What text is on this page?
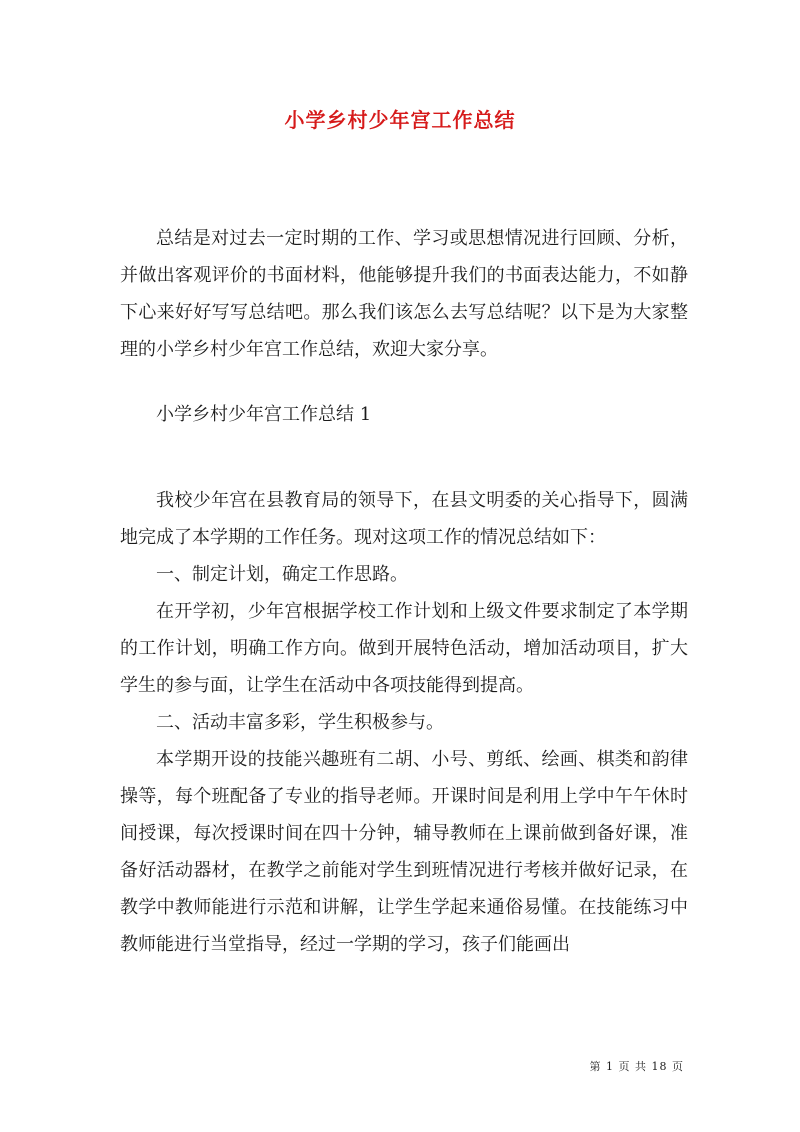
小学乡村少年宫工作总结

总结是对过去一定时期的工作、学习或思想情况进行回顾、分析，并做出客观评价的书面材料，他能够提升我们的书面表达能力，不如静下心来好好写写总结吧。那么我们该怎么去写总结呢？以下是为大家整理的小学乡村少年宫工作总结，欢迎大家分享。

小学乡村少年宫工作总结 1

我校少年宫在县教育局的领导下，在县文明委的关心指导下，圆满地完成了本学期的工作任务。现对这项工作的情况总结如下：

一、制定计划，确定工作思路。

在开学初，少年宫根据学校工作计划和上级文件要求制定了本学期的工作计划，明确工作方向。做到开展特色活动，增加活动项目，扩大学生的参与面，让学生在活动中各项技能得到提高。

二、活动丰富多彩，学生积极参与。

本学期开设的技能兴趣班有二胡、小号、剪纸、绘画、棋类和韵律操等，每个班配备了专业的指导老师。开课时间是利用上学中午午休时间授课，每次授课时间在四十分钟，辅导教师在上课前做到备好课，准备好活动器材，在教学之前能对学生到班情况进行考核并做好记录，在教学中教师能进行示范和讲解，让学生学起来通俗易懂。在技能练习中教师能进行当堂指导，经过一学期的学习，孩子们能画出

第 1 页 共 18 页
